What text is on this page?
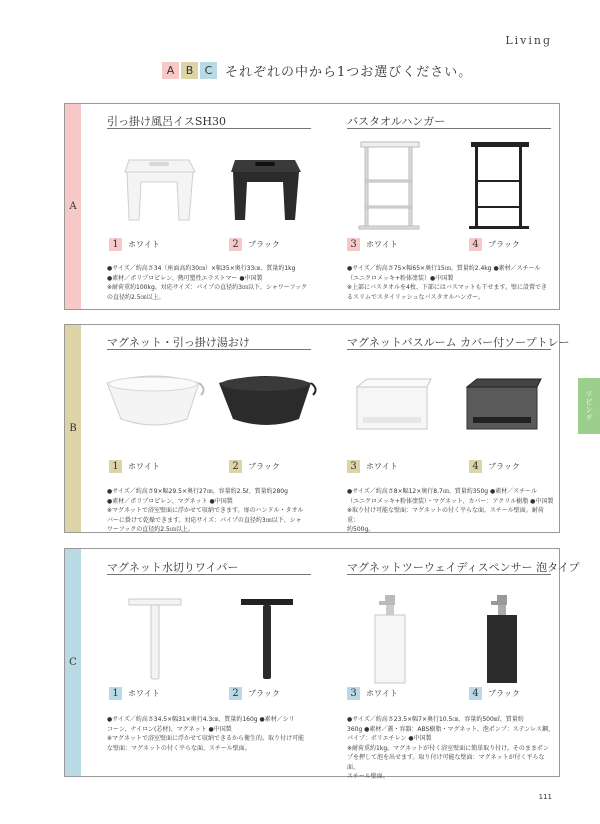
Living
A	B	C それぞれの中から1つお選びください。
A
引っ掛け風呂イスSH30	バスタオルハンガー
1	ホワイト	2	ブラック	3	ホワイト	4	ブラック
●サイズ／約高さ34（座面高約30㎝）×幅35×奥行33㎝、質量約1kg
●素材／ポリプロピレン、熱可塑性エラストマー ●中国製
※耐荷重約100kg。対応サイズ：パイプの直径約3㎝以下、シャワーフック
の直径約2.5㎝以上。
●サイズ／約高さ75×幅65×奥行15㎝、質量約2.4kg ●素材／スチール
（ユニクロメッキ+粉体塗装）●中国製
※上部にバスタオルを4枚、下部にはバスマットも干せます。壁に設置でき
るスリムでスタイリッシュなバスタオルハンガー。
B
マグネット・引っ掛け湯おけ	マグネットバスルーム カバー付ソープトレー
1	ホワイト	2	ブラック	3	ホワイト	4	ブラック
●サイズ／約高さ9×幅29.5×奥行27㎝、容量約2.5ℓ、質量約280g
●素材／ポリプロピレン、マグネット ●中国製
※マグネットで浴室壁面に浮かせて収納できます。扉のハンドル・タオル
バーに掛けて乾燥できます。対応サイズ：パイプの直径約3㎝以下、シャ
ワーフックの直径約2.5㎝以上。
●サイズ／約高さ8×幅12×奥行8.7㎝、質量約350g ●素材／スチール
（ユニクロメッキ+粉体塗装）・マグネット、カバー：アクリル樹脂 ●中国製
※取り付け可能な壁面：マグネットの付く平らな面、スチール壁面。耐荷重：
約500g。
C
マグネット水切りワイパー	マグネットツーウェイディスペンサー 泡タイプ
1	ホワイト	2	ブラック	3	ホワイト	4	ブラック
●サイズ／約高さ34.5×幅31×奥行4.3㎝、質量約160g ●素材／シリ
コーン、ナイロン(芯材)、マグネット ●中国製
※マグネットで浴室壁面に浮かせて収納できるから衛生的。取り付け可能
な壁面：マグネットの付く平らな面、スチール壁面。
●サイズ／約高さ23.5×幅7×奥行10.5㎝、容量約500㎖、質量約
360g ●素材／蓋・容器：ABS樹脂・マグネット、泡ポンプ：ステンレス鋼、
パイプ：ポリエチレン ●中国製
※耐荷重約1kg。マグネットが付く浴室壁面に簡単取り付け。そのままポン
プを押して泡を出せます。取り付け可能な壁面：マグネットが付く平らな面、
スチール壁面。
リビング
111
